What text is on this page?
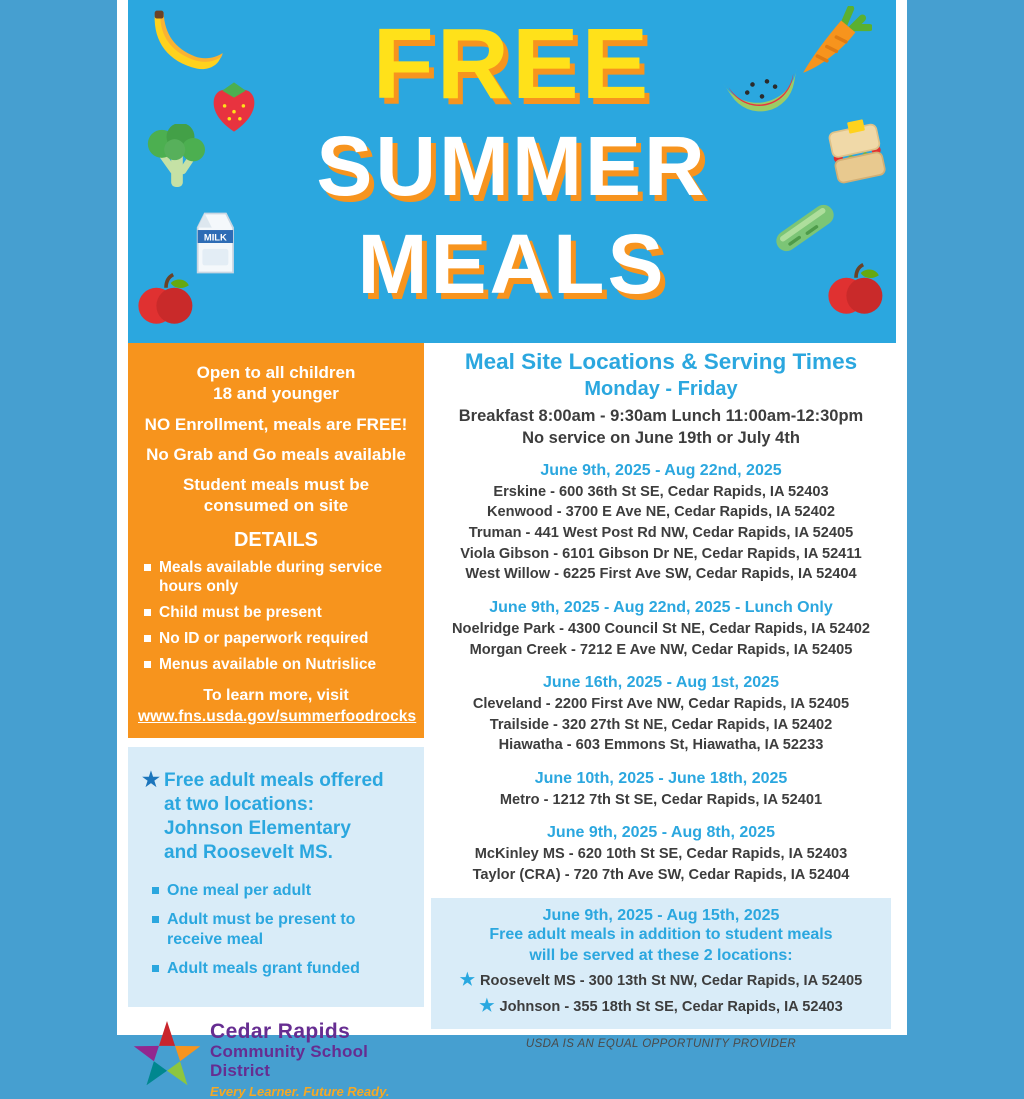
FREE
SUMMER
MEALS
MILK
Open to all children
18 and younger
NO Enrollment, meals are FREE!
No Grab and Go meals available
Student meals must be
consumed on site
DETAILS
Meals available during service hours only
Child must be present
No ID or paperwork required
Menus available on Nutrislice
To learn more, visit
www.fns.usda.gov/summerfoodrocks
★ Free adult meals offered
at two locations:
Johnson Elementary
and Roosevelt MS.
One meal per adult
Adult must be present to receive meal
Adult meals grant funded
Cedar Rapids
Community School District
Every Learner. Future Ready.
Meal Site Locations & Serving Times
Monday - Friday
Breakfast 8:00am - 9:30am Lunch 11:00am-12:30pm
No service on June 19th or July 4th
June 9th, 2025 - Aug 22nd, 2025
Erskine - 600 36th St SE, Cedar Rapids, IA 52403
Kenwood - 3700 E Ave NE, Cedar Rapids, IA 52402
Truman - 441 West Post Rd NW, Cedar Rapids, IA 52405
Viola Gibson - 6101 Gibson Dr NE, Cedar Rapids, IA 52411
West Willow - 6225 First Ave SW, Cedar Rapids, IA 52404
June 9th, 2025 - Aug 22nd, 2025 - Lunch Only
Noelridge Park - 4300 Council St NE, Cedar Rapids, IA 52402
Morgan Creek - 7212 E Ave NW, Cedar Rapids, IA 52405
June 16th, 2025 - Aug 1st, 2025
Cleveland - 2200 First Ave NW, Cedar Rapids, IA 52405
Trailside - 320 27th St NE, Cedar Rapids, IA 52402
Hiawatha - 603 Emmons St, Hiawatha, IA 52233
June 10th, 2025 - June 18th, 2025
Metro - 1212 7th St SE, Cedar Rapids, IA 52401
June 9th, 2025 - Aug 8th, 2025
McKinley MS - 620 10th St SE, Cedar Rapids, IA 52403
Taylor (CRA) - 720 7th Ave SW, Cedar Rapids, IA 52404
June 9th, 2025 - Aug 15th, 2025
Free adult meals in addition to student meals
will be served at these 2 locations:
★ Roosevelt MS - 300 13th St NW, Cedar Rapids, IA 52405
★ Johnson - 355 18th St SE, Cedar Rapids, IA 52403
USDA IS AN EQUAL OPPORTUNITY PROVIDER
